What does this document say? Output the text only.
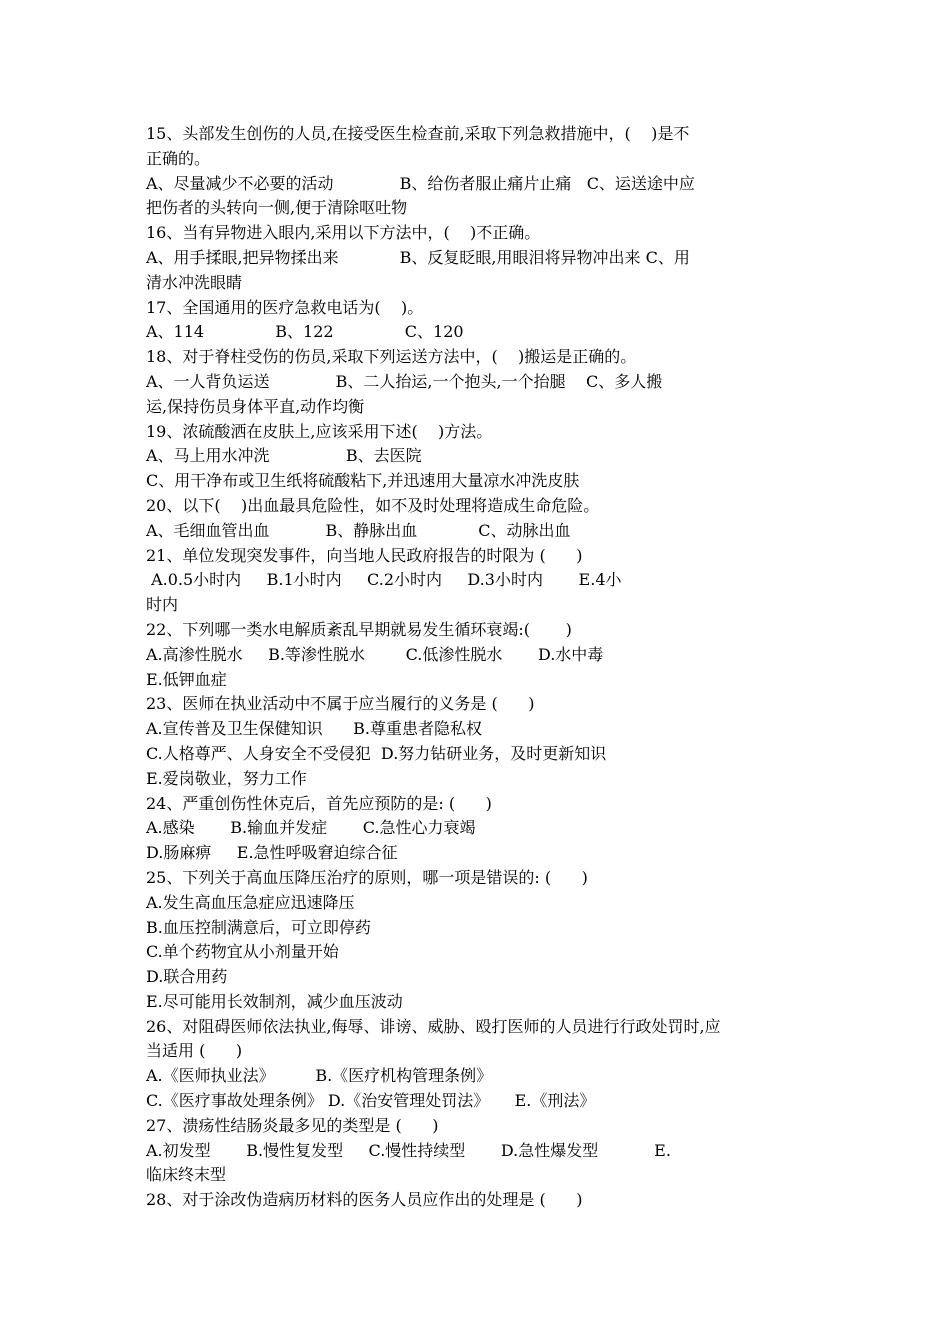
15、头部发生创伤的人员,在接受医生检查前,采取下列急救措施中，(    )是不
正确的。
A、尽量减少不必要的活动             B、给伤者服止痛片止痛   C、运送途中应
把伤者的头转向一侧,便于清除呕吐物
16、当有异物进入眼内,采用以下方法中，(    )不正确。
A、用手揉眼,把异物揉出来            B、反复眨眼,用眼泪将异物冲出来 C、用
清水冲洗眼睛
17、全国通用的医疗急救电话为(    )。
A、114              B、122              C、120
18、对于脊柱受伤的伤员,采取下列运送方法中，(    )搬运是正确的。
A、一人背负运送             B、二人抬运,一个抱头,一个抬腿    C、多人搬
运,保持伤员身体平直,动作均衡
19、浓硫酸洒在皮肤上,应该采用下述(    )方法。
A、马上用水冲洗               B、去医院
C、用干净布或卫生纸将硫酸粘下,并迅速用大量凉水冲洗皮肤
20、以下(    )出血最具危险性，如不及时处理将造成生命危险。
A、毛细血管出血           B、静脉出血            C、动脉出血
21、单位发现突发事件，向当地人民政府报告的时限为 (      )
A.0.5小时内     B.1小时内     C.2小时内     D.3小时内       E.4小
时内
22、下列哪一类水电解质紊乱早期就易发生循环衰竭:(       )
A.高渗性脱水     B.等渗性脱水        C.低渗性脱水       D.水中毒
E.低钾血症
23、医师在执业活动中不属于应当履行的义务是 (      )
A.宣传普及卫生保健知识      B.尊重患者隐私权
C.人格尊严、人身安全不受侵犯  D.努力钻研业务，及时更新知识
E.爱岗敬业，努力工作
24、严重创伤性休克后，首先应预防的是: (      )
A.感染       B.输血并发症       C.急性心力衰竭
D.肠麻痹     E.急性呼吸窘迫综合征
25、下列关于高血压降压治疗的原则，哪一项是错误的: (      )
A.发生高血压急症应迅速降压
B.血压控制满意后，可立即停药
C.单个药物宜从小剂量开始
D.联合用药
E.尽可能用长效制剂，减少血压波动
26、对阻碍医师依法执业,侮辱、诽谤、威胁、殴打医师的人员进行行政处罚时,应
当适用 (      )
A.《医师执业法》        B.《医疗机构管理条例》
C.《医疗事故处理条例》 D.《治安管理处罚法》     E.《刑法》
27、溃疡性结肠炎最多见的类型是 (      )
A.初发型       B.慢性复发型     C.慢性持续型       D.急性爆发型           E.
临床终末型
28、对于涂改伪造病历材料的医务人员应作出的处理是 (      )
